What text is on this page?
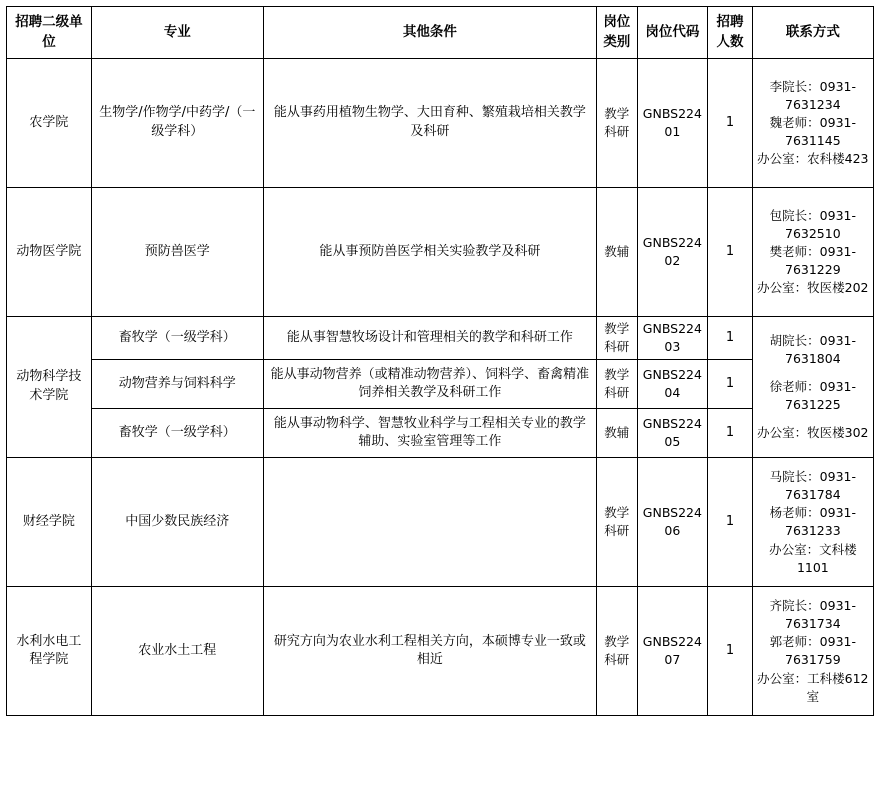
招聘二级单位	专业	其他条件	岗位类别	岗位代码	招聘人数	联系方式
农学院	生物学/作物学/中药学/（一级学科）	能从事药用植物生物学、大田育种、繁殖栽培相关教学及科研	教学科研	GNBS22401	1	李院长：0931-7631234
魏老师：0931-7631145
办公室：农科楼423

动物医学院	预防兽医学	能从事预防兽医学相关实验教学及科研	教辅	GNBS22402	1	包院长：0931-7632510
樊老师：0931-7631229
办公室：牧医楼202

动物科学技术学院	畜牧学（一级学科）	能从事智慧牧场设计和管理相关的教学和科研工作	教学科研	GNBS22403	1	胡院长：0931-7631804
徐老师：0931-7631225
办公室：牧医楼302

	动物营养与饲料科学	能从事动物营养（或精准动物营养）、饲料学、畜禽精准饲养相关教学及科研工作	教学科研	GNBS22404	1	
	畜牧学（一级学科）	能从事动物科学、智慧牧业科学与工程相关专业的教学辅助、实验室管理等工作	教辅	GNBS22405	1	
财经学院	中国少数民族经济		教学科研	GNBS22406	1	马院长：0931-7631784
杨老师：0931-7631233
办公室：文科楼1101

水利水电工程学院	农业水土工程	研究方向为农业水利工程相关方向，本硕博专业一致或相近	教学科研	GNBS22407	1	齐院长：0931-7631734
郭老师：0931-7631759
办公室：工科楼612室
